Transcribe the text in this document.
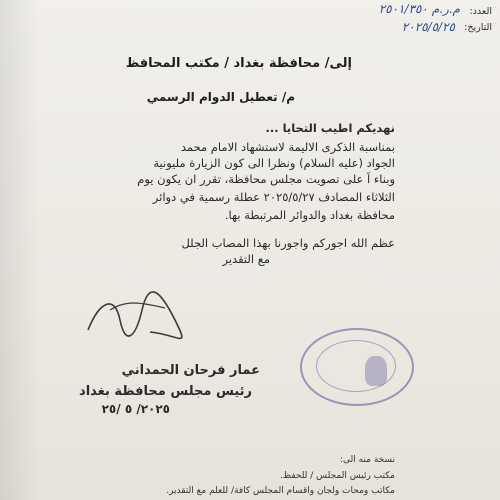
العدد:
م.ر.م ٢٥٠١/٣٥٠
التاريخ:
٢٠٢٥/٥/٢٥
إلى/ محافظة بغداد / مكتب المحافظ
م/ تعطيل الدوام الرسمي
نهديكم اطيب التحايا ...
بمناسبة الذكرى الاليمة لاستشهاد الامام محمد
الجواد (عليه السلام) ونظرا الى كون الزيارة مليونية
وبناء اً على تصويت مجلس محافظة، تقرر ان يكون يوم
الثلاثاء المصادف ٢٠٢٥/٥/٢٧ عطلة رسمية في دوائر
محافظة بغداد والدوائر المرتبطة بها.
عظم الله اجوركم واجورنا بهذا المصاب الجلل
مع التقدير
عمار فرحان الحمداني
رئيس مجلس محافظة بغداد
٢٠٢٥/ ٥ /٢٥
نسخة منه الى:
مكتب رئيس المجلس / للحفظ.
مكاتب ومحات ولجان واقسام المجلس كافة/ للعلم مع التقدير.
